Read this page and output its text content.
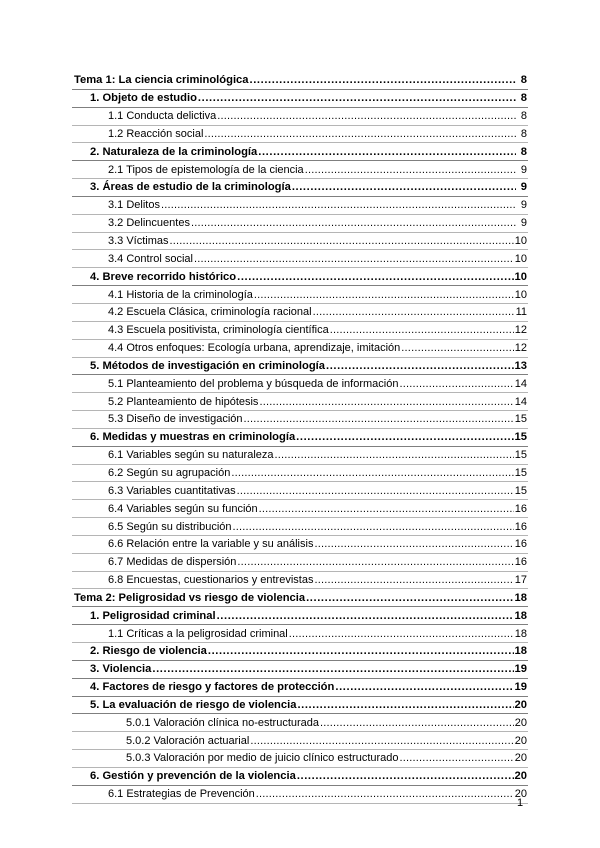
Tema 1: La ciencia criminológica .....	8
1. Objeto de estudio .....	8
1.1 Conducta delictiva .....	8
1.2 Reacción social .....	8
2. Naturaleza de la criminología .....	8
2.1 Tipos de epistemología de la ciencia .....	9
3. Áreas de estudio de la criminología .....	9
3.1 Delitos .....	9
3.2 Delincuentes .....	9
3.3 Víctimas .....	10
3.4 Control social .....	10
4. Breve recorrido histórico .....	10
4.1 Historia de la criminología .....	10
4.2 Escuela Clásica, criminología racional .....	11
4.3 Escuela positivista, criminología científica .....	12
4.4 Otros enfoques: Ecología urbana, aprendizaje, imitación .....	12
5. Métodos de investigación en criminología .....	13
5.1 Planteamiento del problema y búsqueda de información .....	14
5.2 Planteamiento de hipótesis .....	14
5.3 Diseño de investigación .....	15
6. Medidas y muestras en criminología .....	15
6.1 Variables según su naturaleza .....	15
6.2 Según su agrupación .....	15
6.3 Variables cuantitativas .....	15
6.4 Variables según su función .....	16
6.5 Según su distribución .....	16
6.6 Relación entre la variable y su análisis .....	16
6.7 Medidas de dispersión .....	16
6.8 Encuestas, cuestionarios y entrevistas .....	17
Tema 2: Peligrosidad vs riesgo de violencia .....	18
1. Peligrosidad criminal .....	18
1.1 Críticas a la peligrosidad criminal .....	18
2. Riesgo de violencia .....	18
3. Violencia .....	19
4. Factores de riesgo y factores de protección .....	19
5. La evaluación de riesgo de violencia .....	20
5.0.1 Valoración clínica no-estructurada .....	20
5.0.2 Valoración actuarial .....	20
5.0.3 Valoración por medio de juicio clínico estructurado .....	20
6. Gestión y prevención de la violencia .....	20
6.1 Estrategias de Prevención .....	20
1
